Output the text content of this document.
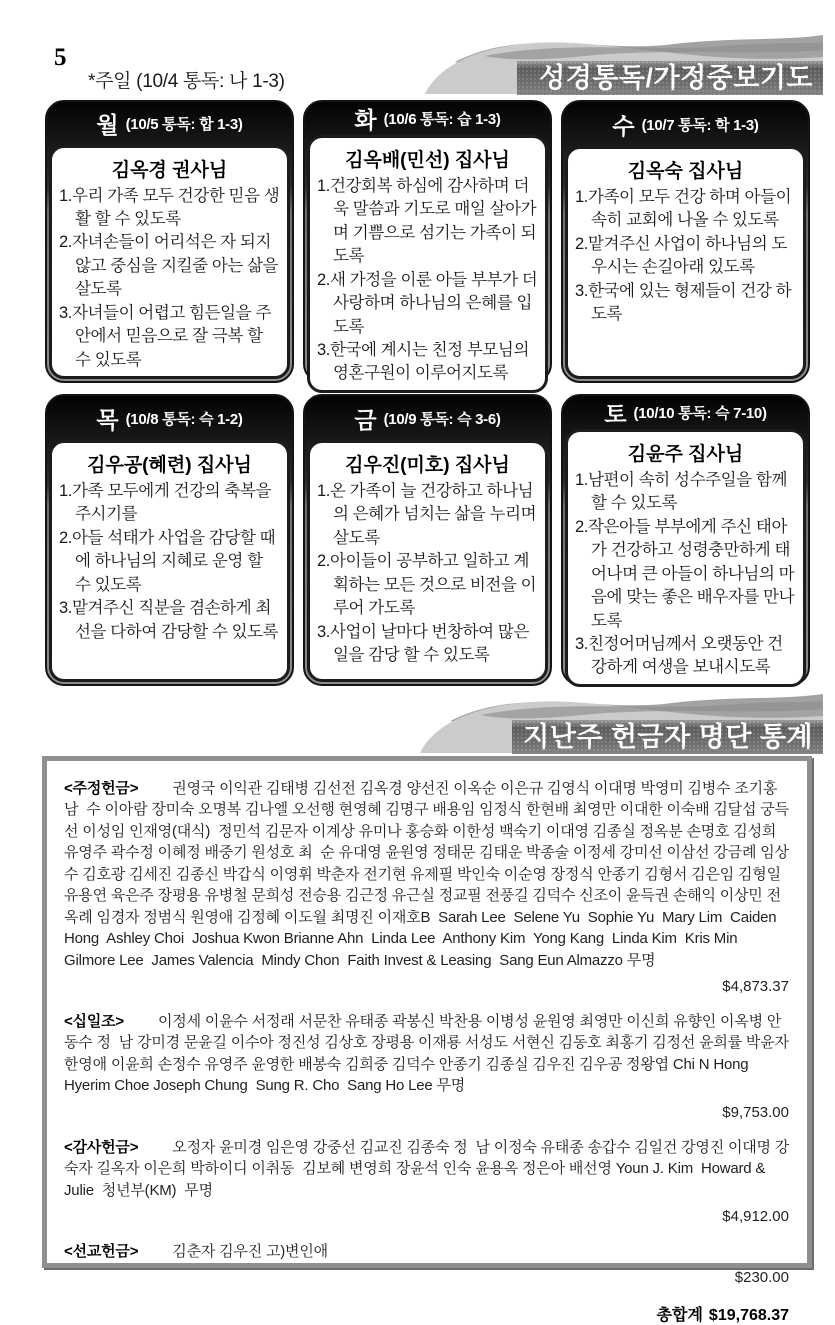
5
*주일 (10/4 통독: 나 1-3)	성경통독/가정중보기도
월 (10/5 통독: 합 1-3)
김옥경 권사님
1.우리 가족 모두 건강한 믿음 생활 할 수 있도록
2.자녀손들이 어리석은 자 되지 않고 중심을 지킬줄 아는 삶을 살도록
3.자녀들이 어렵고 힘든일을 주안에서 믿음으로 잘 극복 할 수 있도록
화 (10/6 통독: 습 1-3)
김옥배(민선) 집사님
1.건강회복 하심에 감사하며 더욱 말씀과 기도로 매일 살아가며 기쁨으로 섬기는 가족이 되도록
2.새 가정을 이룬 아들 부부가 더 사랑하며 하나님의 은혜를 입도록
3.한국에 계시는 친정 부모님의 영혼구원이 이루어지도록
수 (10/7 통독: 학 1-3)
김옥숙 집사님
1.가족이 모두 건강 하며 아들이 속히 교회에 나올 수 있도록
2.맡겨주신 사업이 하나님의 도우시는 손길아래 있도록
3.한국에 있는 형제들이 건강 하도록
목 (10/8 통독: 슥 1-2)
김우공(혜련) 집사님
1.가족 모두에게 건강의 축복을 주시기를
2.아들 석태가 사업을 감당할 때에 하나님의 지혜로 운영 할 수 있도록
3.맡겨주신 직분을 겸손하게 최선을 다하여 감당할 수 있도록
금 (10/9 통독: 슥 3-6)
김우진(미호) 집사님
1.온 가족이 늘 건강하고 하나님의 은혜가 넘치는 삶을 누리며 살도록
2.아이들이 공부하고 일하고 계획하는 모든 것으로 비전을 이루어 가도록
3.사업이 날마다 번창하여 많은 일을 감당 할 수 있도록
토 (10/10 통독: 슥 7-10)
김윤주 집사님
1.남편이 속히 성수주일을 함께 할 수 있도록
2.작은아들 부부에게 주신 태아가 건강하고 성령충만하게 태어나며 큰 아들이 하나님의 마음에 맞는 좋은 배우자를 만나도록
3.친정어머님께서 오랫동안 건강하게 여생을 보내시도록
지난주 헌금자 명단 통계

<주정헌금> 권영국 이익관 김태병 김선전 김옥경 양선진 이옥순 이은규 김영식 이대명 박영미 김병수 조기홍 남  수 이아람 장미숙 오명복 김나엘 오선행 현영혜 김명구 배용임 임정식 한현배 최영만 이대한 이숙배 김달섭 궁득선 이성임 인재영(대식)  정민석 김문자 이계상 유미나 홍승화 이한성 백숙기 이대영 김종실 정옥분 손명호 김성희 유영주 곽수정 이혜정 배중기 원성호 최  순 유대영 윤원영 정태문 김태운 박종술 이정세 강미선 이삼선 강금례 임상수 김호광 김세진 김종신 박갑식 이영휘 박춘자 전기현 유제필 박인숙 이순영 장정식 안종기 김형서 김은임 김형일 유용연 육은주 장평용 유병철 문희성 전승용 김근정 유근실 정교필 전풍길 김덕수 신조이 윤득권 손해익 이상민 전옥례 임경자 정범식 원영애 김정혜 이도월 최명진 이재호B  Sarah Lee  Selene Yu  Sophie Yu  Mary Lim  Caiden Hong  Ashley Choi  Joshua Kwon Brianne Ahn  Linda Lee  Anthony Kim  Yong Kang  Linda Kim  Kris Min  Gilmore Lee  James Valencia  Mindy Chon  Faith Invest & Leasing  Sang Eun Almazzo 무명

$4,873.37

<십일조> 이정세 이윤수 서정래 서문찬 유태종 곽봉신 박찬용 이병성 윤원영 최영만 이신희 유향인 이옥병 안동수 정  남 강미경 문윤길 이수아 정진성 김상호 장평용 이재룡 서성도 서현신 김동호 최홍기 김정선 윤희률 박윤자 한영애 이윤희 손정수 유영주 윤영한 배봉숙 김희중 김덕수 안종기 김종실 김우진 김우공 정왕엽 Chi N Hong  Hyerim Choe Joseph Chung  Sung R. Cho  Sang Ho Lee 무명

$9,753.00

<감사헌금> 오정자 윤미경 임은영 강중선 김교진 김종숙 정  남 이정숙 유태종 송갑수 김일건 강영진 이대명 강숙자 길옥자 이은희 박하이디 이취동  김보혜 변영희 장윤석 인숙 윤용옥 정은아 배선영 Youn J. Kim  Howard & Julie  청년부(KM)  무명

$4,912.00

<선교헌금> 김춘자 김우진 고)변인애

$230.00
총합계 $19,768.37
